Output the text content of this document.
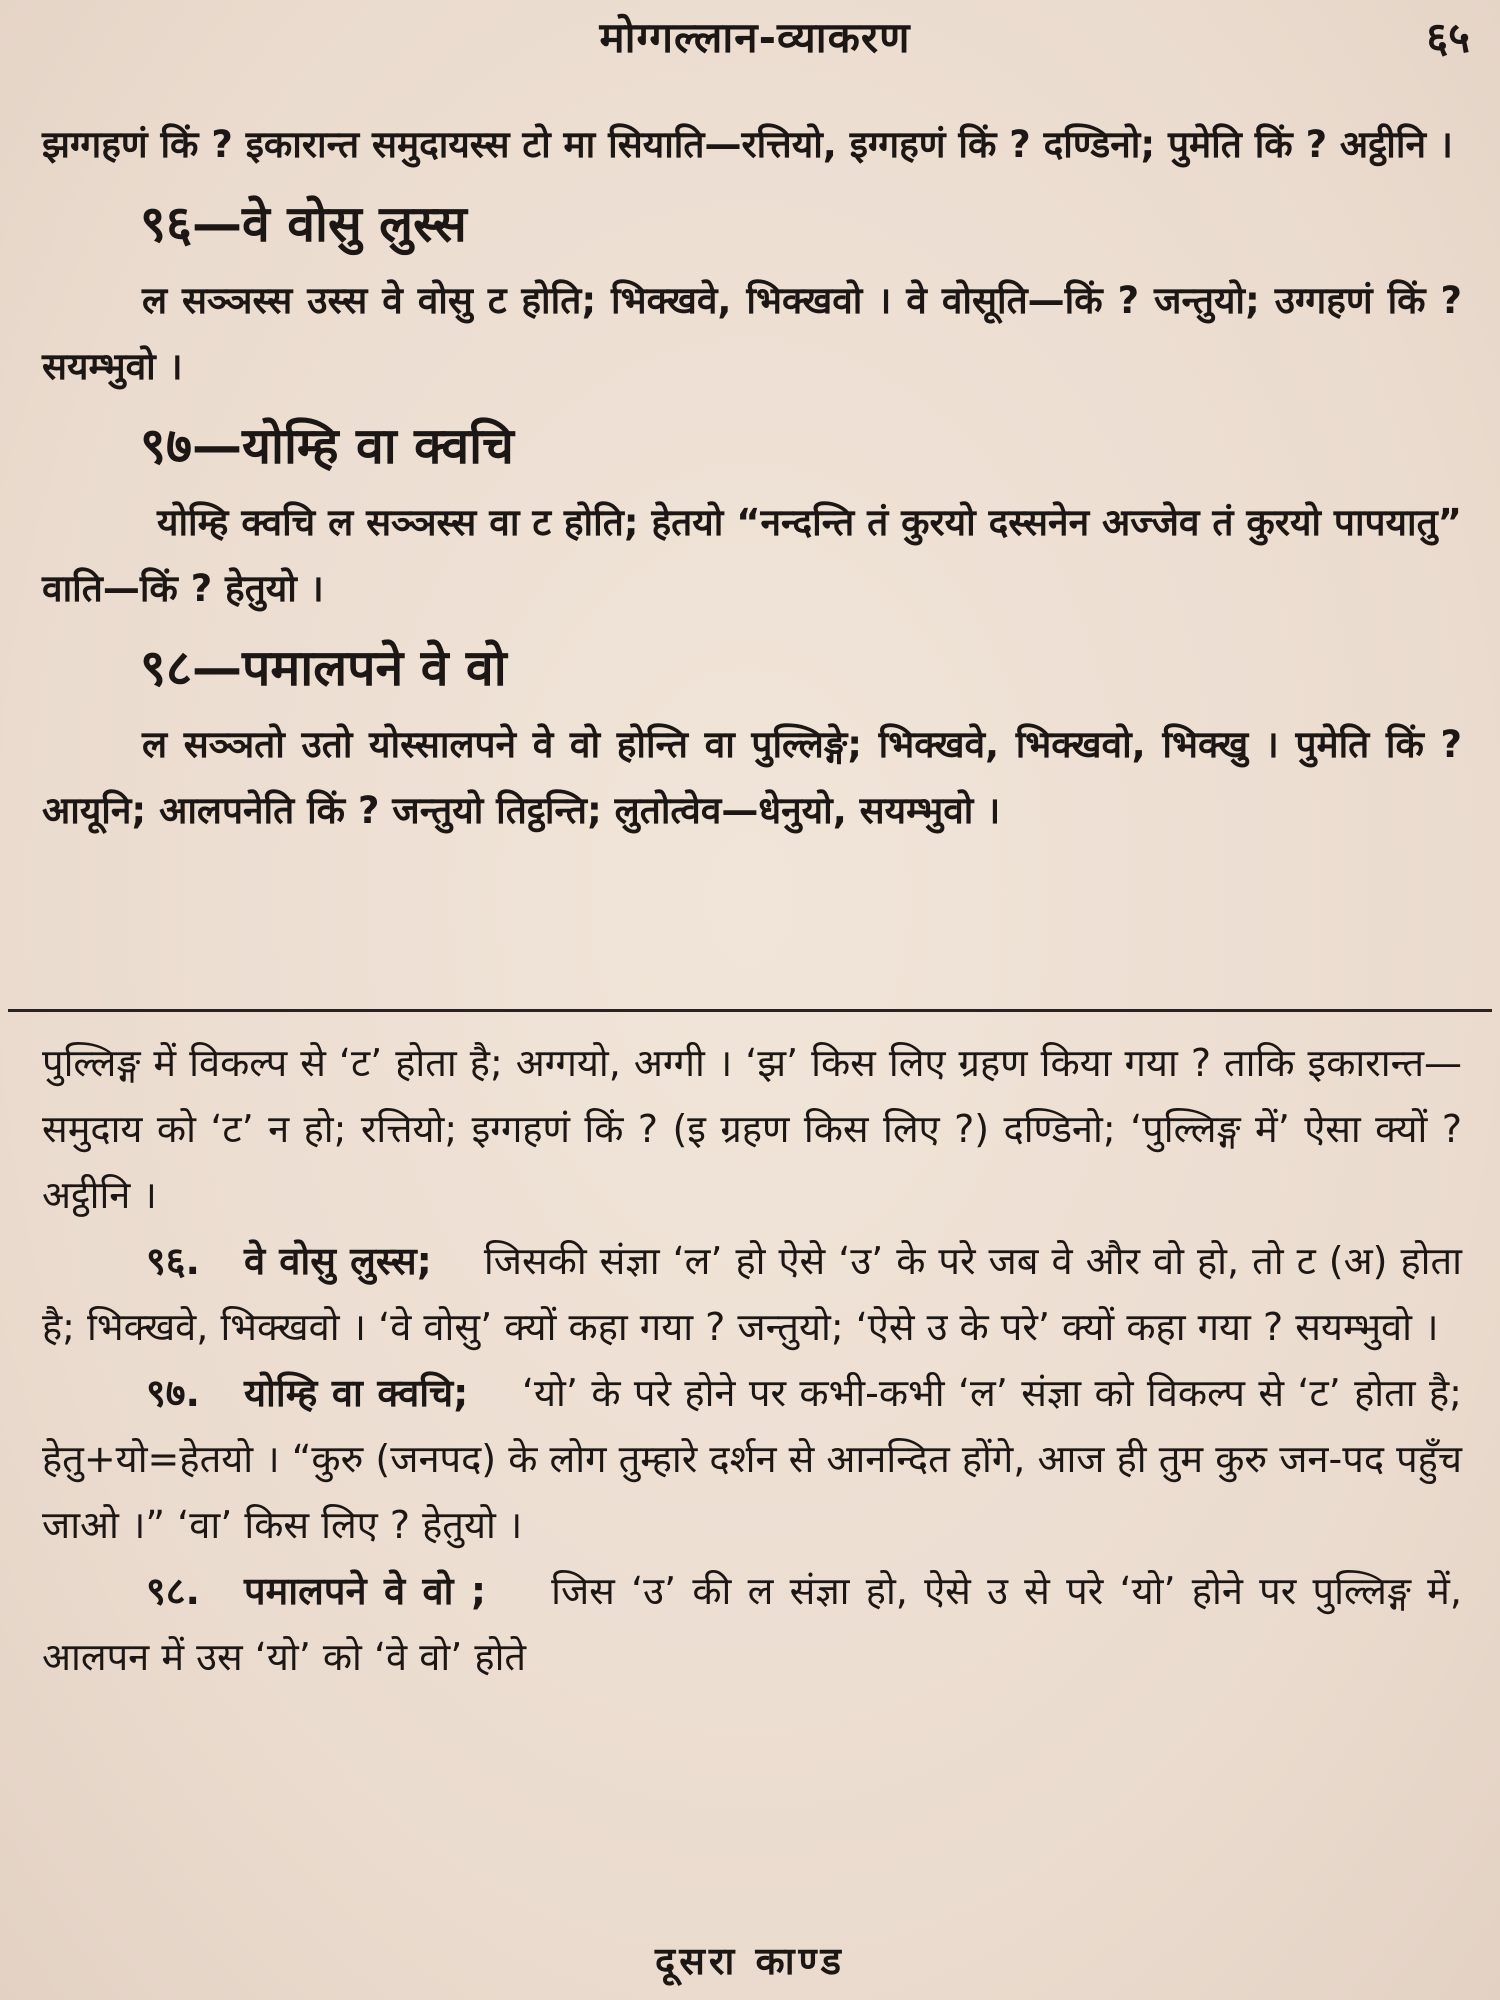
मोग्गल्लान-व्याकरण	६५

झग्गहणं किं ? इकारान्त समुदायस्स टो मा सियाति—रत्तियो, इग्गहणं किं ? दण्डिनो; पुमेति किं ? अट्ठीनि ।

९६—वे वोसु लुस्स

ल सञ्ञस्स उस्स वे वोसु ट होति; भिक्खवे, भिक्खवो । वे वोसूति—किं ? जन्तुयो; उग्गहणं किं ? सयम्भुवो ।

९७—योम्हि वा क्वचि

योम्हि क्वचि ल सञ्ञस्स वा ट होति; हेतयो “नन्दन्ति तं कुरयो दस्सनेन अज्जेव तं कुरयो पापयातु” वाति—किं ? हेतुयो ।

९८—पमालपने वे वो

ल सञ्ञतो उतो योस्सालपने वे वो होन्ति वा पुल्लिङ्गे; भिक्खवे, भिक्खवो, भिक्खु । पुमेति किं ? आयूनि; आलपनेति किं ? जन्तुयो तिट्ठन्ति; लुतोत्वेव—धेनुयो, सयम्भुवो ।

पुल्लिङ्ग में विकल्प से ‘ट’ होता है; अग्गयो, अग्गी । ‘झ’ किस लिए ग्रहण किया गया ? ताकि इकारान्त—समुदाय को ‘ट’ न हो; रत्तियो; इग्गहणं किं ? (इ ग्रहण किस लिए ?) दण्डिनो; ‘पुल्लिङ्ग में’ ऐसा क्यों ? अट्ठीनि ।

९६. वे वोसु लुस्स; जिसकी संज्ञा ‘ल’ हो ऐसे ‘उ’ के परे जब वे और वो हो, तो ट (अ) होता है; भिक्खवे, भिक्खवो । ‘वे वोसु’ क्यों कहा गया ? जन्तुयो; ‘ऐसे उ के परे’ क्यों कहा गया ? सयम्भुवो ।

९७. योम्हि वा क्वचि; ‘यो’ के परे होने पर कभी-कभी ‘ल’ संज्ञा को विकल्प से ‘ट’ होता है; हेतु+यो=हेतयो । “कुरु (जनपद) के लोग तुम्हारे दर्शन से आनन्दित होंगे, आज ही तुम कुरु जन-पद पहुँच जाओ ।” ‘वा’ किस लिए ? हेतुयो ।

९८. पमालपने वे वो ; जिस ‘उ’ की ल संज्ञा हो, ऐसे उ से परे ‘यो’ होने पर पुल्लिङ्ग में, आलपन में उस ‘यो’ को ‘वे वो’ होते

दूसरा काण्ड
